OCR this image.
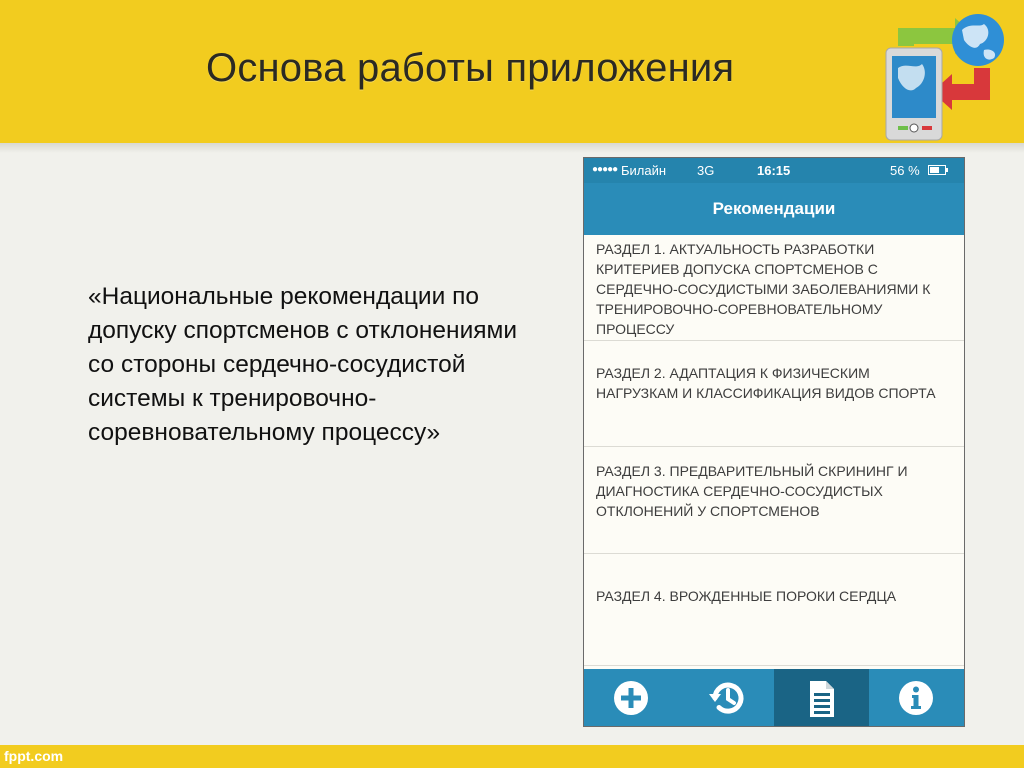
Основа работы приложения

«Национальные рекомендации по допуску спортсменов с отклонениями со стороны сердечно-сосудистой системы к тренировочно-соревновательному процессу»

●●●●● Билайн 3G	16:15	56 %
Рекомендации
РАЗДЕЛ 1. АКТУАЛЬНОСТЬ РАЗРАБОТКИ КРИТЕРИЕВ ДОПУСКА СПОРТСМЕНОВ С СЕРДЕЧНО-СОСУДИСТЫМИ ЗАБОЛЕВАНИЯМИ К ТРЕНИРОВОЧНО-СОРЕВНОВАТЕЛЬНОМУ ПРОЦЕССУ
РАЗДЕЛ 2. АДАПТАЦИЯ К ФИЗИЧЕСКИМ НАГРУЗКАМ И КЛАССИФИКАЦИЯ ВИДОВ СПОРТА
РАЗДЕЛ 3. ПРЕДВАРИТЕЛЬНЫЙ СКРИНИНГ И ДИАГНОСТИКА СЕРДЕЧНО-СОСУДИСТЫХ ОТКЛОНЕНИЙ У СПОРТСМЕНОВ
РАЗДЕЛ 4. ВРОЖДЕННЫЕ ПОРОКИ СЕРДЦА
fppt.com
